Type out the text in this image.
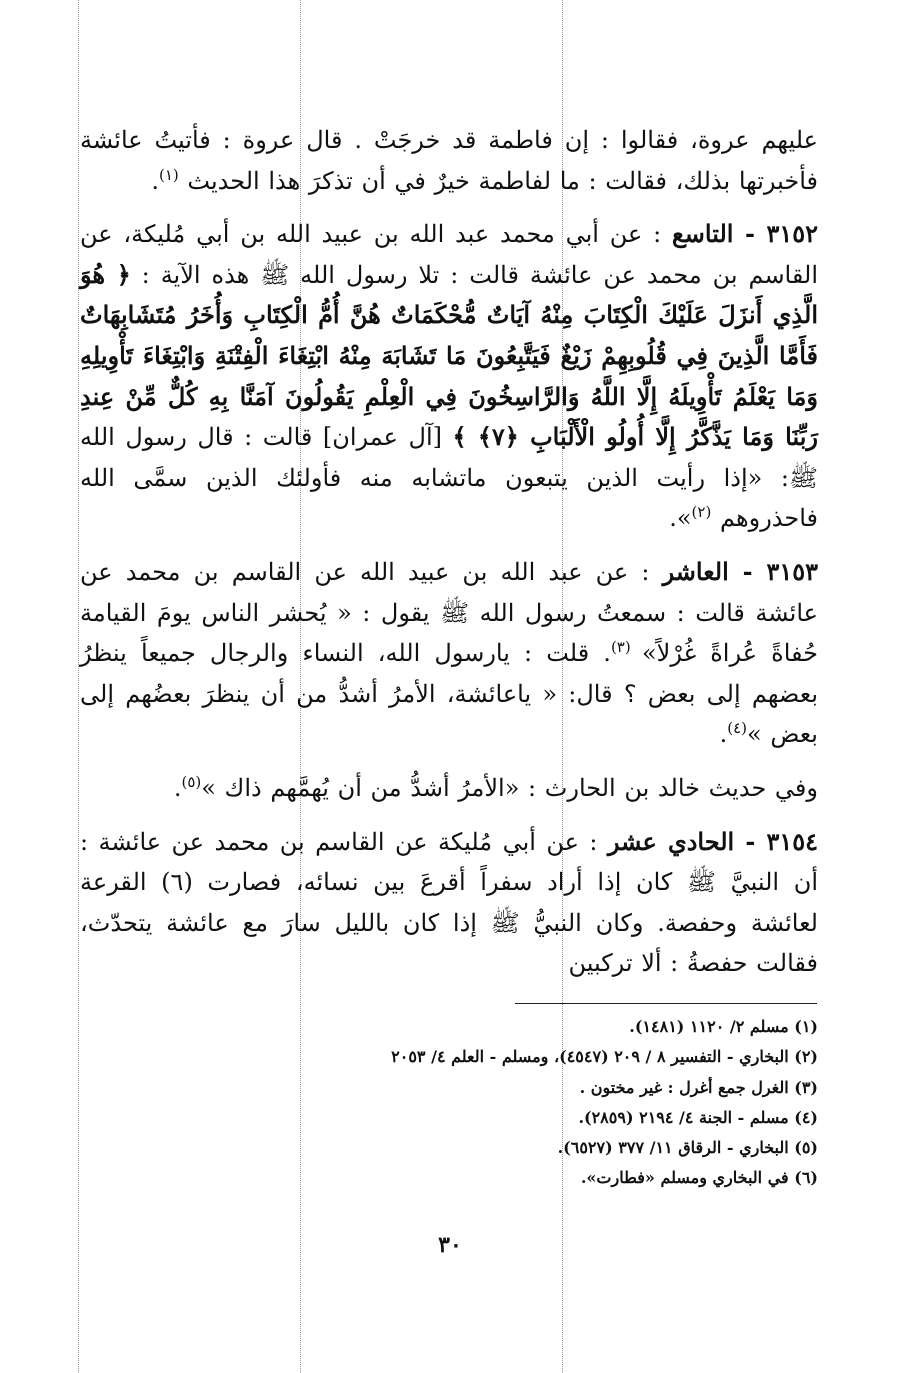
عليهم عروة، فقالوا : إن فاطمة قد خرجَتْ . قال عروة : فأتيتُ عائشة فأخبرتها بذلك، فقالت : ما لفاطمة خيرٌ في أن تذكرَ هذا الحديث $^{(١)}$.

٣١٥٢ - التاسع : عن أبي محمد عبد الله بن عبيد الله بن أبي مُليكة، عن القاسم بن محمد عن عائشة قالت : تلا رسول الله ﷺ هذه الآية : ﴿ هُوَ الَّذِي أَنزَلَ عَلَيْكَ الْكِتَابَ مِنْهُ آيَاتٌ مُّحْكَمَاتٌ هُنَّ أُمُّ الْكِتَابِ وَأُخَرُ مُتَشَابِهَاتٌ فَأَمَّا الَّذِينَ فِي قُلُوبِهِمْ زَيْغٌ فَيَتَّبِعُونَ مَا تَشَابَهَ مِنْهُ ابْتِغَاءَ الْفِتْنَةِ وَابْتِغَاءَ تَأْوِيلِهِ وَمَا يَعْلَمُ تَأْوِيلَهُ إِلَّا اللَّهُ وَالرَّاسِخُونَ فِي الْعِلْمِ يَقُولُونَ آمَنَّا بِهِ كُلٌّ مِّنْ عِندِ رَبِّنَا وَمَا يَذَّكَّرُ إِلَّا أُولُو الْأَلْبَابِ ﴿٧﴾ ﴾ [آل عمران] قالت : قال رسول الله ﷺ: «إذا رأيت الذين يتبعون ماتشابه منه فأولئك الذين سمَّى الله فاحذروهم $^{(٢)}$».

٣١٥٣ - العاشر : عن عبد الله بن عبيد الله عن القاسم بن محمد عن عائشة قالت : سمعتُ رسول الله ﷺ يقول : « يُحشر الناس يومَ القيامة حُفاةً عُراةً غُرْلاً» $^{(٣)}$. قلت : يارسول الله، النساء والرجال جميعاً ينظرُ بعضهم إلى بعض ؟ قال: « ياعائشة، الأمرُ أشدُّ من أن ينظرَ بعضُهم إلى بعض »$^{(٤)}$.

وفي حديث خالد بن الحارث : «الأمرُ أشدُّ من أن يُهمَّهم ذاك »$^{(٥)}$.

٣١٥٤ - الحادي عشر : عن أبي مُليكة عن القاسم بن محمد عن عائشة : أن النبيَّ ﷺ كان إذا أراد سفراً أقرعَ بين نسائه، فصارت (٦) القرعة لعائشة وحفصة. وكان النبيُّ ﷺ إذا كان بالليل سارَ مع عائشة يتحدّث، فقالت حفصةُ : ألا تركبين

(١) مسلم ٢/ ١١٢٠ (١٤٨١).

(٢) البخاري - التفسير ٨ / ٢٠٩ (٤٥٤٧)، ومسلم - العلم ٤/ ٢٠٥٣

(٣) الغرل جمع أغرل : غير مختون .

(٤) مسلم - الجنة ٤/ ٢١٩٤ (٢٨٥٩).

(٥) البخاري - الرقاق ١١/ ٣٧٧ (٦٥٢٧).

(٦) في البخاري ومسلم «فطارت».

٣٠
